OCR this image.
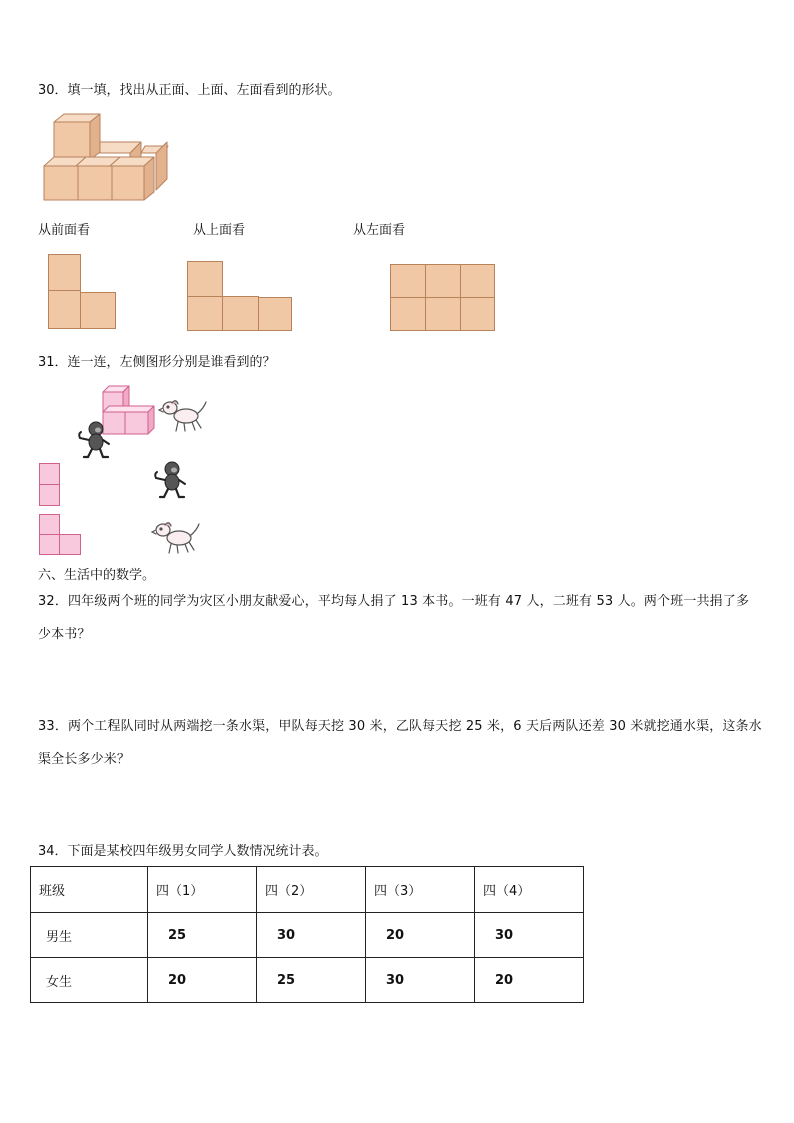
30．填一填，找出从正面、上面、左面看到的形状。
从前面看	从上面看	从左面看
31．连一连，左侧图形分别是谁看到的？
六、生活中的数学。
32．四年级两个班的同学为灾区小朋友献爱心，平均每人捐了 13 本书。一班有 47 人，二班有 53 人。两个班一共捐了多少本书？
33．两个工程队同时从两端挖一条水渠，甲队每天挖 30 米，乙队每天挖 25 米，6 天后两队还差 30 米就挖通水渠，这条水渠全长多少米？
34．下面是某校四年级男女同学人数情况统计表。
班级	四（1）	四（2）	四（3）	四（4）
男生	25	30	20	30
女生	20	25	30	20
